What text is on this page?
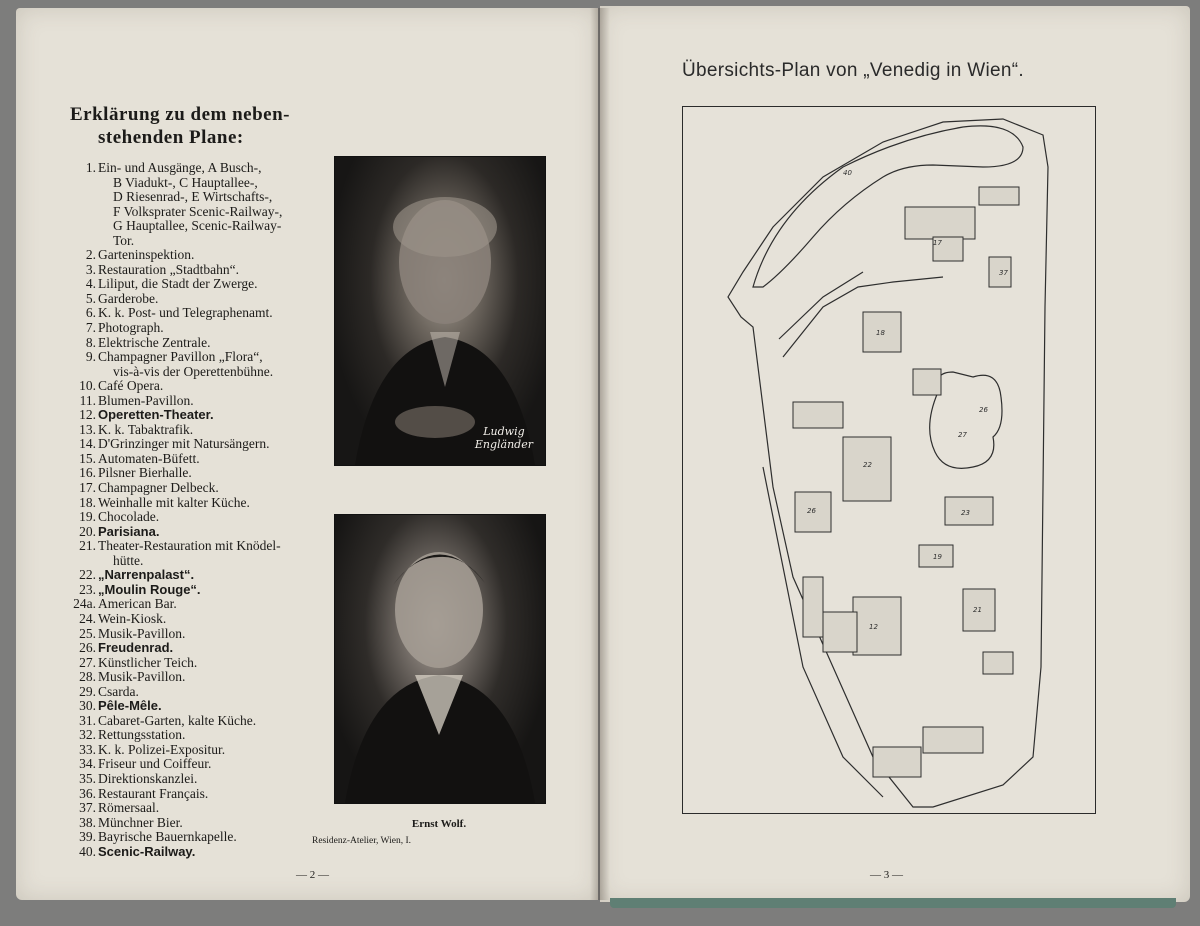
Erklärung zu dem neben-
stehenden Plane:
1. Ein- und Ausgänge, A Busch-,
B Viadukt-, C Hauptallee-,
D Riesenrad-, E Wirtschafts-,
F Volksprater Scenic-Railway-,
G Hauptallee, Scenic-Railway-
Tor.
2. Garteninspektion.
3. Restauration „Stadtbahn“.
4. Liliput, die Stadt der Zwerge.
5. Garderobe.
6. K. k. Post- und Telegraphenamt.
7. Photograph.
8. Elektrische Zentrale.
9. Champagner Pavillon „Flora“,
vis-à-vis der Operettenbühne.
10. Café Opera.
11. Blumen-Pavillon.
12. Operetten-Theater.
13. K. k. Tabaktrafik.
14. D'Grinzinger mit Natursängern.
15. Automaten-Büfett.
16. Pilsner Bierhalle.
17. Champagner Delbeck.
18. Weinhalle mit kalter Küche.
19. Chocolade.
20. Parisiana.
21. Theater-Restauration mit Knödel-
hütte.
22. „Narrenpalast“.
23. „Moulin Rouge“.
24a. American Bar.
24. Wein-Kiosk.
25. Musik-Pavillon.
26. Freudenrad.
27. Künstlicher Teich.
28. Musik-Pavillon.
29. Csarda.
30. Pêle-Mêle.
31. Cabaret-Garten, kalte Küche.
32. Rettungsstation.
33. K. k. Polizei-Expositur.
34. Friseur und Coiffeur.
35. Direktionskanzlei.
36. Restaurant Français.
37. Römersaal.
38. Münchner Bier.
39. Bayrische Bauernkapelle.
40. Scenic-Railway.
Ludwig
Engländer
Ernst Wolf.
Residenz-Atelier, Wien, I.
— 2 —
Übersichts-Plan von „Venedig in Wien“.
17
37
18
22
26	23
19
21
12
27
26
40
— 3 —
